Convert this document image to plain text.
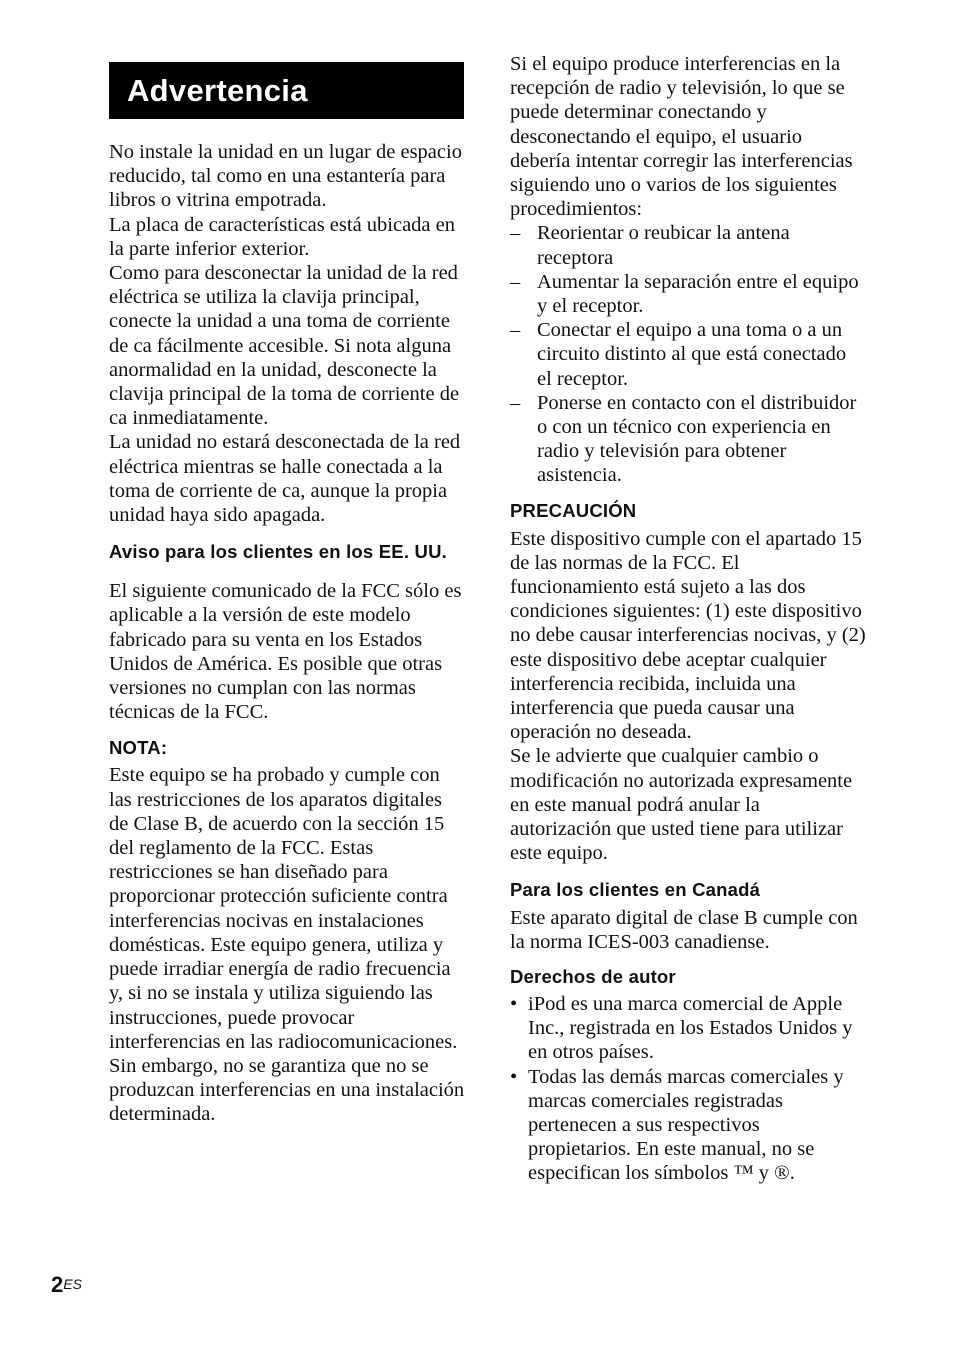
Advertencia

No instale la unidad en un lugar de espacio reducido, tal como en una estantería para libros o vitrina empotrada.

La placa de características está ubicada en la parte inferior exterior.

Como para desconectar la unidad de la red eléctrica se utiliza la clavija principal, conecte la unidad a una toma de corriente de ca fácilmente accesible. Si nota alguna anormalidad en la unidad, desconecte la clavija principal de la toma de corriente de ca inmediatamente.

La unidad no estará desconectada de la red eléctrica mientras se halle conectada a la toma de corriente de ca, aunque la propia unidad haya sido apagada.

Aviso para los clientes en los EE. UU.

El siguiente comunicado de la FCC sólo es aplicable a la versión de este modelo fabricado para su venta en los Estados Unidos de América. Es posible que otras versiones no cumplan con las normas técnicas de la FCC.

NOTA:

Este equipo se ha probado y cumple con las restricciones de los aparatos digitales de Clase B, de acuerdo con la sección 15 del reglamento de la FCC. Estas restricciones se han diseñado para proporcionar protección suficiente contra interferencias nocivas en instalaciones domésticas. Este equipo genera, utiliza y puede irradiar energía de radio frecuencia y, si no se instala y utiliza siguiendo las instrucciones, puede provocar interferencias en las radiocomunicaciones.

Sin embargo, no se garantiza que no se produzcan interferencias en una instalación determinada.

Si el equipo produce interferencias en la recepción de radio y televisión, lo que se puede determinar conectando y desconectando el equipo, el usuario debería intentar corregir las interferencias siguiendo uno o varios de los siguientes procedimientos:

– Reorientar o reubicar la antena receptora
– Aumentar la separación entre el equipo y el receptor.
– Conectar el equipo a una toma o a un circuito distinto al que está conectado el receptor.
– Ponerse en contacto con el distribuidor o con un técnico con experiencia en radio y televisión para obtener asistencia.
PRECAUCIÓN

Este dispositivo cumple con el apartado 15 de las normas de la FCC. El funcionamiento está sujeto a las dos condiciones siguientes: (1) este dispositivo no debe causar interferencias nocivas, y (2) este dispositivo debe aceptar cualquier interferencia recibida, incluida una interferencia que pueda causar una operación no deseada.

Se le advierte que cualquier cambio o modificación no autorizada expresamente en este manual podrá anular la autorización que usted tiene para utilizar este equipo.

Para los clientes en Canadá

Este aparato digital de clase B cumple con la norma ICES-003 canadiense.

Derechos de autor
• iPod es una marca comercial de Apple Inc., registrada en los Estados Unidos y en otros países.
• Todas las demás marcas comerciales y marcas comerciales registradas pertenecen a sus respectivos propietarios. En este manual, no se especifican los símbolos ™ y ®.
$2^{ES}$
